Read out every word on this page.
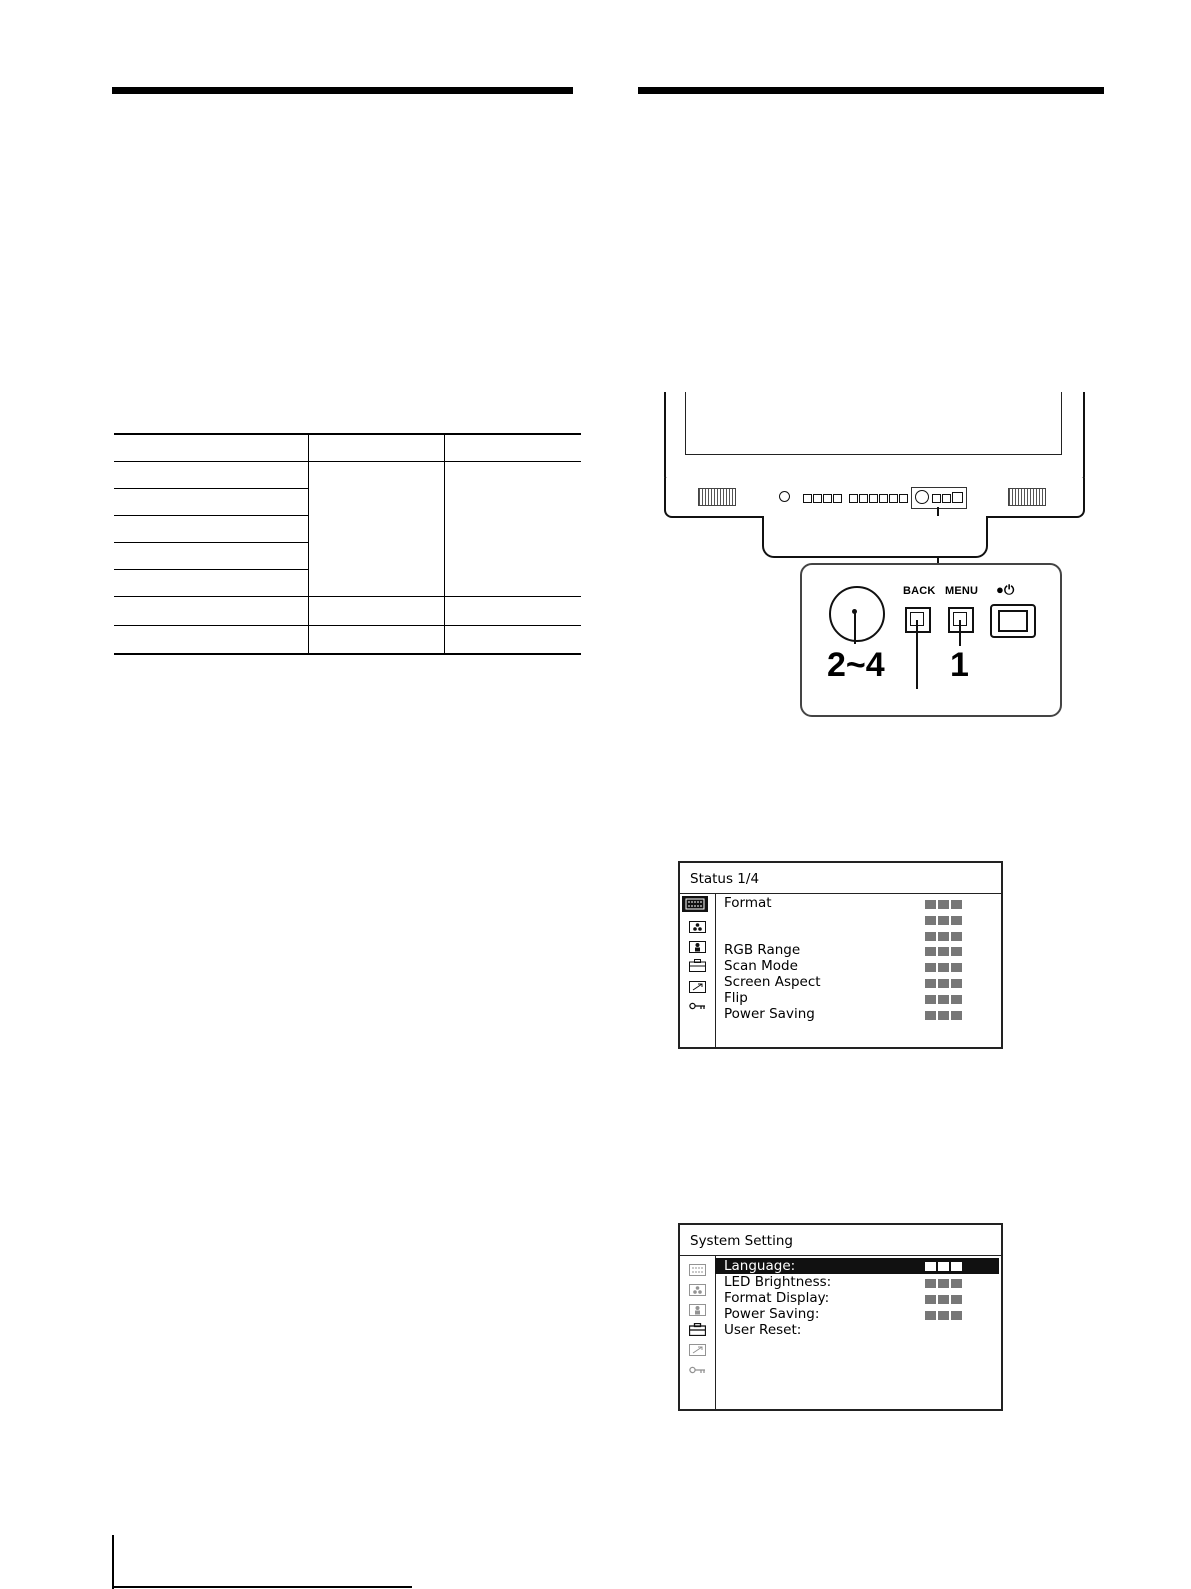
BACK MENU ●⏻
2~4 1
Status 1/4
Format
RGB Range
Scan Mode
Screen Aspect
Flip
Power Saving
System Setting
Language:
LED Brightness:
Format Display:
Power Saving:
User Reset:
